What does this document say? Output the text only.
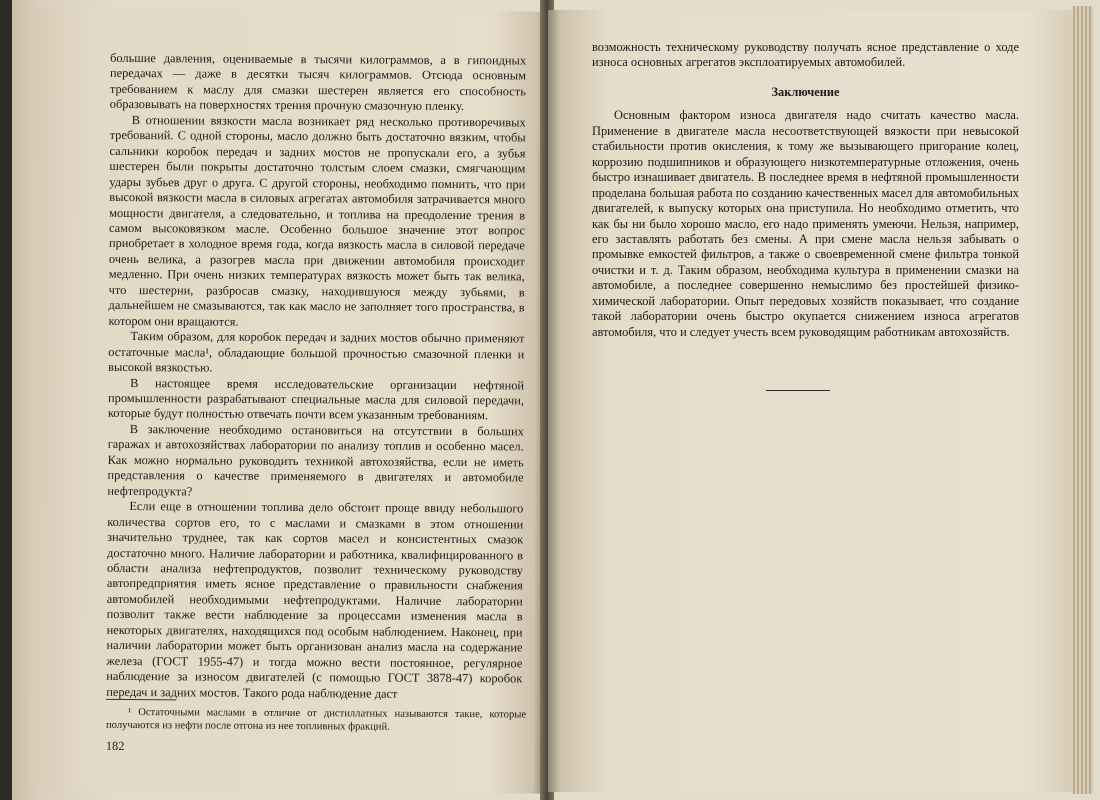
большие давления, оцениваемые в тысячи килограммов, а в гипоидных передачах — даже в десятки тысяч килограммов. Отсюда основным требованием к маслу для смазки шестерен является его способность образовывать на поверхностях трения прочную смазочную пленку.

В отношении вязкости масла возникает ряд несколько противоречивых требований. С одной стороны, масло должно быть достаточно вязким, чтобы сальники коробок передач и задних мостов не пропускали его, а зубья шестерен были покрыты достаточно толстым слоем смазки, смягчающим удары зубьев друг о друга. С другой стороны, необходимо помнить, что при высокой вязкости масла в силовых агрегатах автомобиля затрачивается много мощности двигателя, а следовательно, и топлива на преодоление трения в самом высоковязком масле. Особенно большое значение этот вопрос приобретает в холодное время года, когда вязкость масла в силовой передаче очень велика, а разогрев масла при движении автомобиля происходит медленно. При очень низких температурах вязкость может быть так велика, что шестерни, разбросав смазку, находившуюся между зубьями, в дальнейшем не смазываются, так как масло не заполняет того пространства, в котором они вращаются.

Таким образом, для коробок передач и задних мостов обычно применяют остаточные масла¹, обладающие большой прочностью смазочной пленки и высокой вязкостью.

В настоящее время исследовательские организации нефтяной промышленности разрабатывают специальные масла для силовой передачи, которые будут полностью отвечать почти всем указанным требованиям.

В заключение необходимо остановиться на отсутствии в больших гаражах и автохозяйствах лаборатории по анализу топлив и особенно масел. Как можно нормально руководить техникой автохозяйства, если не иметь представления о качестве применяемого в двигателях и автомобиле нефтепродукта?

Если еще в отношении топлива дело обстоит проще ввиду небольшого количества сортов его, то с маслами и смазками в этом отношении значительно труднее, так как сортов масел и консистентных смазок достаточно много. Наличие лаборатории и работника, квалифицированного в области анализа нефтепродуктов, позволит техническому руководству автопредприятия иметь ясное представление о правильности снабжения автомобилей необходимыми нефтепродуктами. Наличие лаборатории позволит также вести наблюдение за процессами изменения масла в некоторых двигателях, находящихся под особым наблюдением. Наконец, при наличии лаборатории может быть организован анализ масла на содержание железа (ГОСТ 1955-47) и тогда можно вести постоянное, регулярное наблюдение за износом двигателей (с помощью ГОСТ 3878-47) коробок передач и задних мостов. Такого рода наблюдение даст

¹ Остаточными маслами в отличие от дистиллатных называются такие, которые получаются из нефти после отгона из нее топливных фракций.

182

возможность техническому руководству получать ясное представление о ходе износа основных агрегатов эксплоатируемых автомобилей.

Заключение

Основным фактором износа двигателя надо считать качество масла. Применение в двигателе масла несоответствующей вязкости при невысокой стабильности против окисления, к тому же вызывающего пригорание колец, коррозию подшипников и образующего низкотемпературные отложения, очень быстро изнашивает двигатель. В последнее время в нефтяной промышленности проделана большая работа по созданию качественных масел для автомобильных двигателей, к выпуску которых она приступила. Но необходимо отметить, что как бы ни было хорошо масло, его надо применять умеючи. Нельзя, например, его заставлять работать без смены. А при смене масла нельзя забывать о промывке емкостей фильтров, а также о своевременной смене фильтра тонкой очистки и т. д. Таким образом, необходима культура в применении смазки на автомобиле, а последнее совершенно немыслимо без простейшей физико-химической лаборатории. Опыт передовых хозяйств показывает, что создание такой лаборатории очень быстро окупается снижением износа агрегатов автомобиля, что и следует учесть всем руководящим работникам автохозяйств.
